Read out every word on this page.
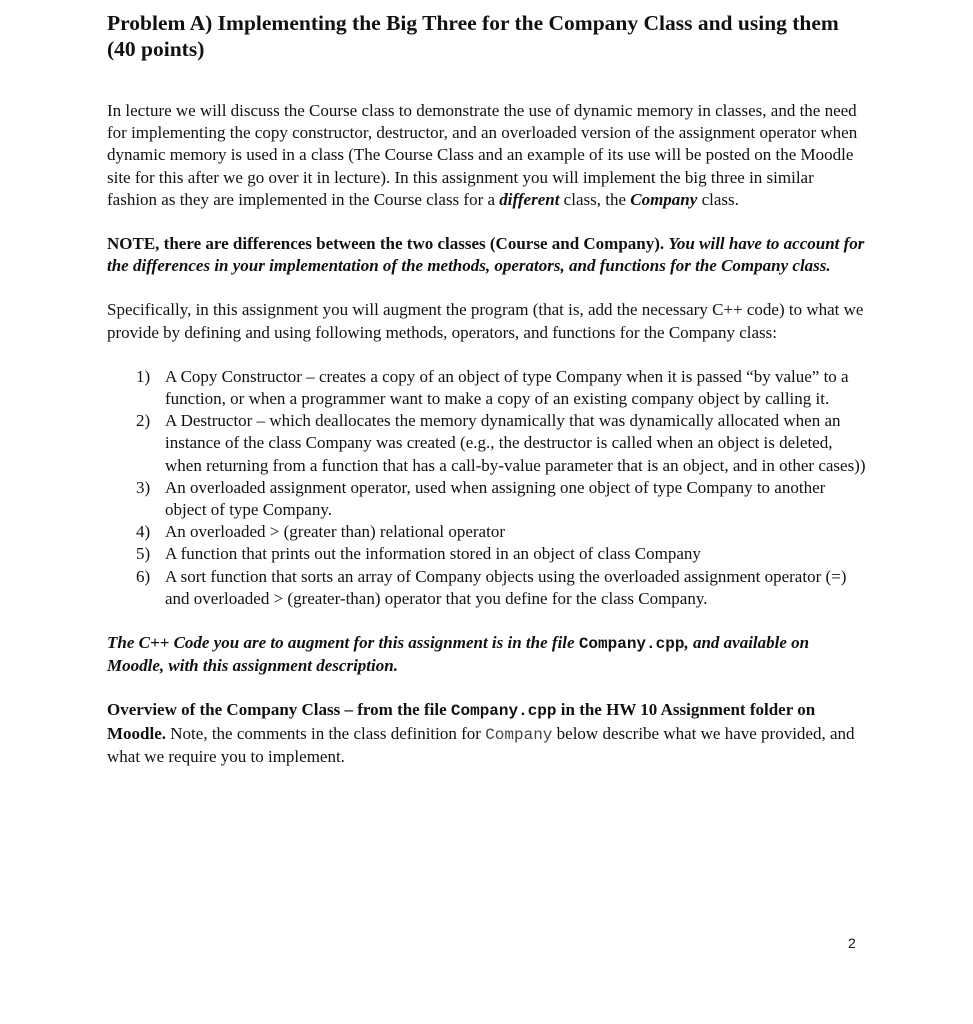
Problem A) Implementing the Big Three for the Company Class and using them (40 points)

In lecture we will discuss the Course class to demonstrate the use of dynamic memory in classes, and the need for implementing the copy constructor, destructor, and an overloaded version of the assignment operator when dynamic memory is used in a class (The Course Class and an example of its use will be posted on the Moodle site for this after we go over it in lecture). In this assignment you will implement the big three in similar fashion as they are implemented in the Course class for a different class, the Company class.

NOTE, there are differences between the two classes (Course and Company). You will have to account for the differences in your implementation of the methods, operators, and functions for the Company class.

Specifically, in this assignment you will augment the program (that is, add the necessary C++ code) to what we provide by defining and using following methods, operators, and functions for the Company class:

1) A Copy Constructor – creates a copy of an object of type Company when it is passed “by value” to a function, or when a programmer want to make a copy of an existing company object by calling it.
2) A Destructor – which deallocates the memory dynamically that was dynamically allocated when an instance of the class Company was created (e.g., the destructor is called when an object is deleted, when returning from a function that has a call-by-value parameter that is an object, and in other cases))
3) An overloaded assignment operator, used when assigning one object of type Company to another object of type Company.
4) An overloaded > (greater than) relational operator
5) A function that prints out the information stored in an object of class Company
6) A sort function that sorts an array of Company objects using the overloaded assignment operator (=) and overloaded > (greater-than) operator that you define for the class Company.

The C++ Code you are to augment for this assignment is in the file Company.cpp, and available on Moodle, with this assignment description.

Overview of the Company Class – from the file Company.cpp in the HW 10 Assignment folder on Moodle. Note, the comments in the class definition for Company below describe what we have provided, and what we require you to implement.

2
